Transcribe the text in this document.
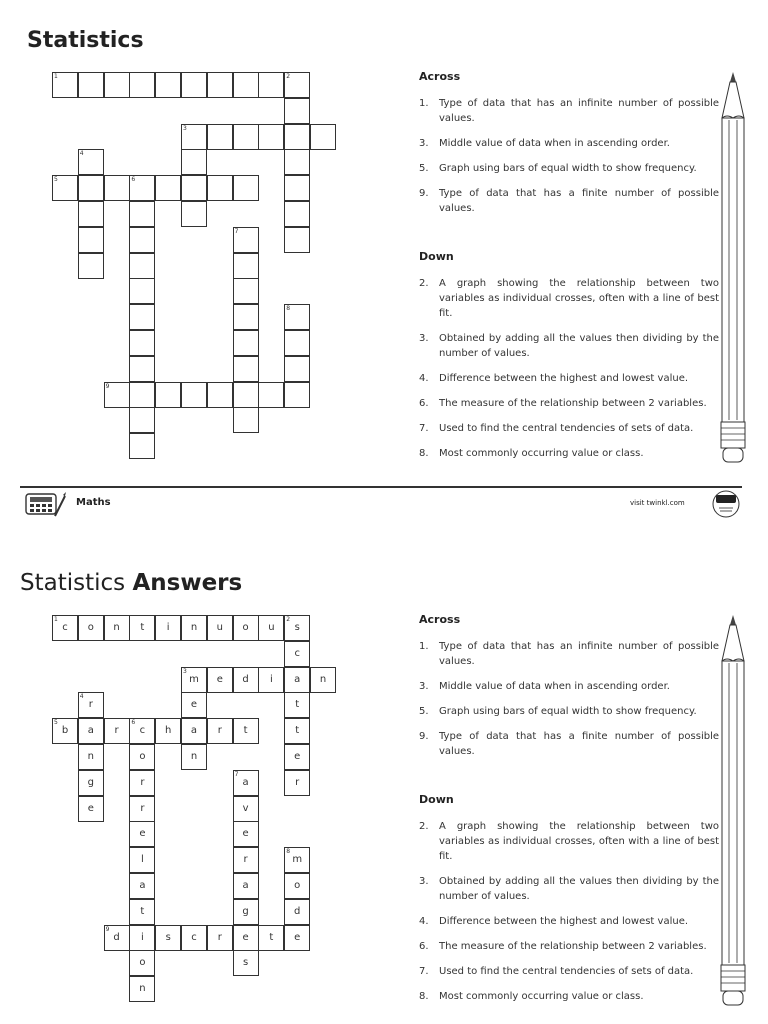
Statistics
Statistics Answers
1	2
3
4
5	6
7
8
9
1
c	o	n	t	i	n	u	o	u
2
s
c
a
t
t
e
r
3
m	e	d	i	n
e
a
n
4
r
a
n
g
e
5
b	r
6
c	h	r	t
o
r
r
e
l
a
t
i
o
n
7
a
v
e
r
a
g
e
s
8
m
o
d
e
9
d	s	c	r	t
Across
1.	Type of data that has an infinite number of possible values.
3.	Middle value of data when in ascending order.
5.	Graph using bars of equal width to show frequency.
9.	Type of data that has a finite number of possible values.
Down
2.	A graph showing the relationship between two variables as individual crosses, often with a line of best fit.
3.	Obtained by adding all the values then dividing by the number of values.
4.	Difference between the highest and lowest value.
6.	The measure of the relationship between 2 variables.
7.	Used to find the central tendencies of sets of data.
8.	Most commonly occurring value or class.
Across
1.	Type of data that has an infinite number of possible values.
3.	Middle value of data when in ascending order.
5.	Graph using bars of equal width to show frequency.
9.	Type of data that has a finite number of possible values.
Down
2.	A graph showing the relationship between two variables as individual crosses, often with a line of best fit.
3.	Obtained by adding all the values then dividing by the number of values.
4.	Difference between the highest and lowest value.
6.	The measure of the relationship between 2 variables.
7.	Used to find the central tendencies of sets of data.
8.	Most commonly occurring value or class.
Maths	visit twinkl.com
